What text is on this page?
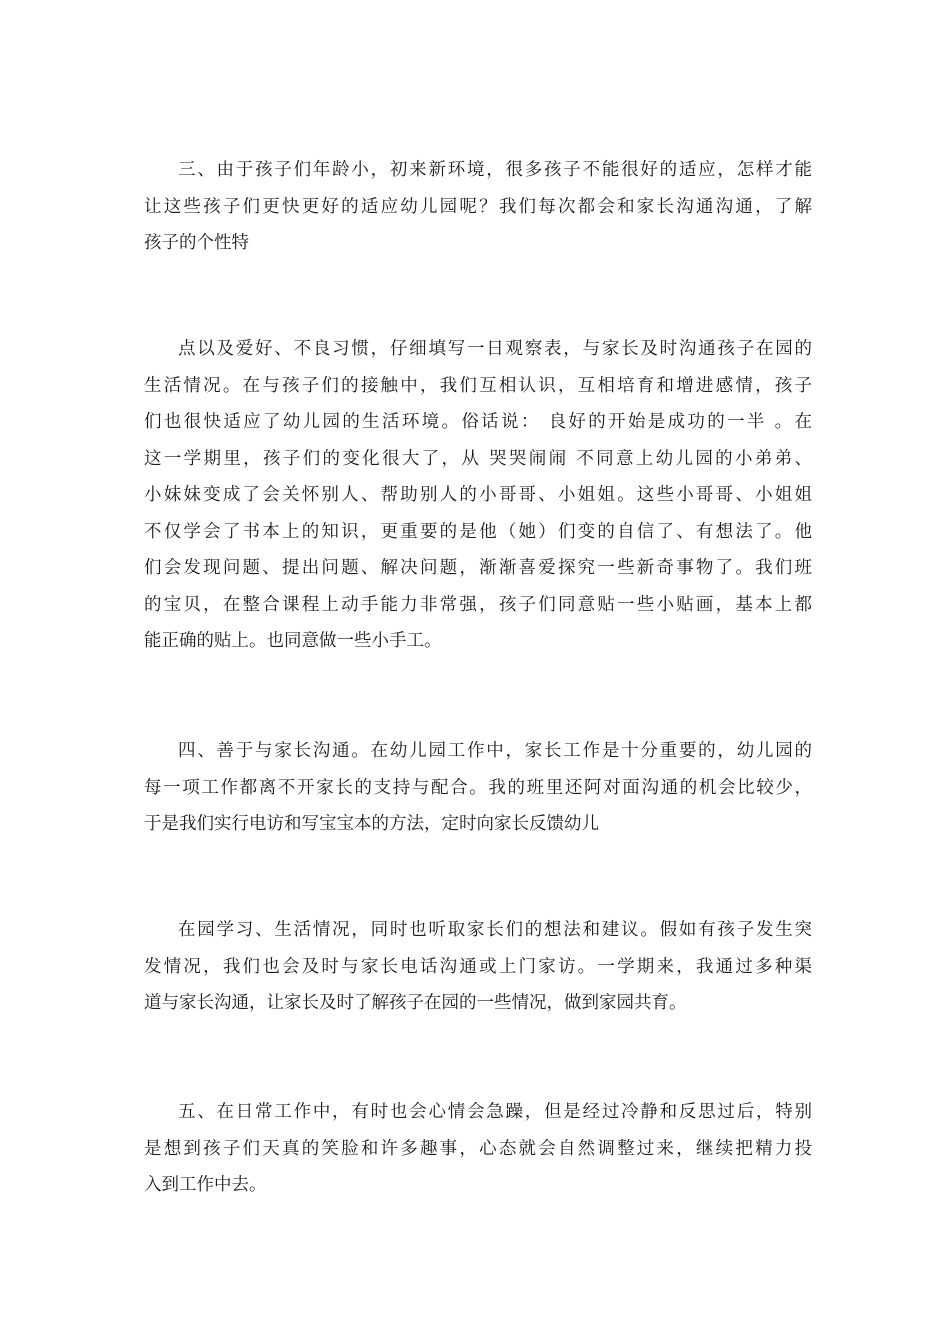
三、由于孩子们年龄小，初来新环境，很多孩子不能很好的适应，怎样才能
让这些孩子们更快更好的适应幼儿园呢？我们每次都会和家长沟通沟通，了解
孩子的个性特
点以及爱好、不良习惯，仔细填写一日观察表，与家长及时沟通孩子在园的
生活情况。在与孩子们的接触中，我们互相认识，互相培育和增进感情，孩子
们也很快适应了幼儿园的生活环境。俗话说： 良好的开始是成功的一半 。在
这一学期里，孩子们的变化很大了，从 哭哭闹闹 不同意上幼儿园的小弟弟、
小妹妹变成了会关怀别人、帮助别人的小哥哥、小姐姐。这些小哥哥、小姐姐
不仅学会了书本上的知识，更重要的是他（她）们变的自信了、有想法了。他
们会发现问题、提出问题、解决问题，渐渐喜爱探究一些新奇事物了。我们班
的宝贝，在整合课程上动手能力非常强，孩子们同意贴一些小贴画，基本上都
能正确的贴上。也同意做一些小手工。
四、善于与家长沟通。在幼儿园工作中，家长工作是十分重要的，幼儿园的
每一项工作都离不开家长的支持与配合。我的班里还阿对面沟通的机会比较少，
于是我们实行电访和写宝宝本的方法，定时向家长反馈幼儿
在园学习、生活情况，同时也听取家长们的想法和建议。假如有孩子发生突
发情况，我们也会及时与家长电话沟通或上门家访。一学期来，我通过多种渠
道与家长沟通，让家长及时了解孩子在园的一些情况，做到家园共育。
五、在日常工作中，有时也会心情会急躁，但是经过冷静和反思过后，特别
是想到孩子们天真的笑脸和许多趣事，心态就会自然调整过来，继续把精力投
入到工作中去。
